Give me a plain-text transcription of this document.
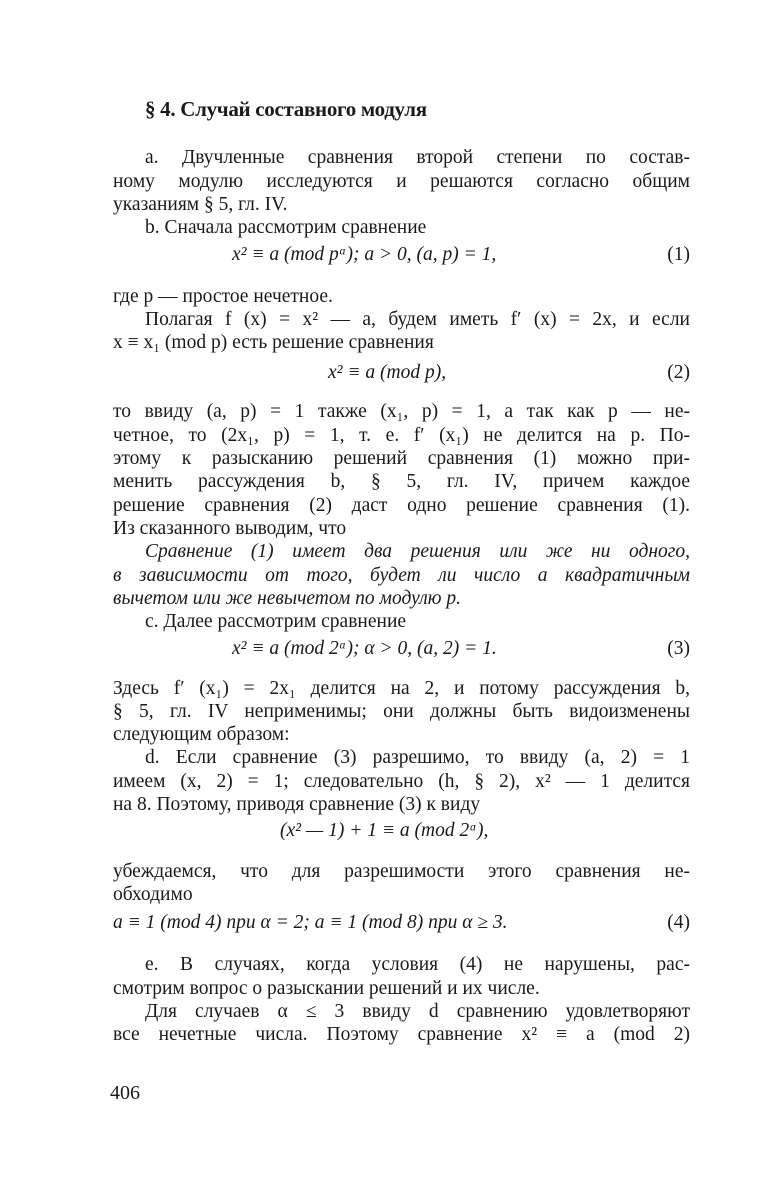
§ 4. Случай составного модуля
a. Двучленные сравнения второй степени по состав-
ному модулю исследуются и решаются согласно общим
указаниям § 5, гл. IV.
b. Сначала рассмотрим сравнение
x² ≡ a (mod pᵅ); a > 0, (a, p) = 1,	(1)
где p — простое нечетное.
Полагая f (x) = x² — a, будем иметь f′ (x) = 2x, и если
x ≡ x₁ (mod p) есть решение сравнения
x² ≡ a (mod p),	(2)
то ввиду (a, p) = 1 также (x₁, p) = 1, а так как p — не-
четное, то (2x₁, p) = 1, т. е. f′ (x₁) не делится на p. По-
этому к разысканию решений сравнения (1) можно при-
менить рассуждения b, § 5, гл. IV, причем каждое
решение сравнения (2) даст одно решение сравнения (1).
Из сказанного выводим, что
Сравнение (1) имеет два решения или же ни одного,
в зависимости от того, будет ли число a квадратичным
вычетом или же невычетом по модулю p.
c. Далее рассмотрим сравнение
x² ≡ a (mod 2ᵅ); α > 0, (a, 2) = 1.	(3)
Здесь f′ (x₁) = 2x₁ делится на 2, и потому рассуждения b,
§ 5, гл. IV неприменимы; они должны быть видоизменены
следующим образом:
d. Если сравнение (3) разрешимо, то ввиду (a, 2) = 1
имеем (x, 2) = 1; следовательно (h, § 2), x² — 1 делится
на 8. Поэтому, приводя сравнение (3) к виду
(x² — 1) + 1 ≡ a (mod 2ᵅ),
убеждаемся, что для разрешимости этого сравнения не-
обходимо
a ≡ 1 (mod 4) при α = 2; a ≡ 1 (mod 8) при α ≥ 3.	(4)
e. В случаях, когда условия (4) не нарушены, рас-
смотрим вопрос о разыскании решений и их числе.
Для случаев α ≤ 3 ввиду d сравнению удовлетворяют
все нечетные числа. Поэтому сравнение x² ≡ a (mod 2)
406
